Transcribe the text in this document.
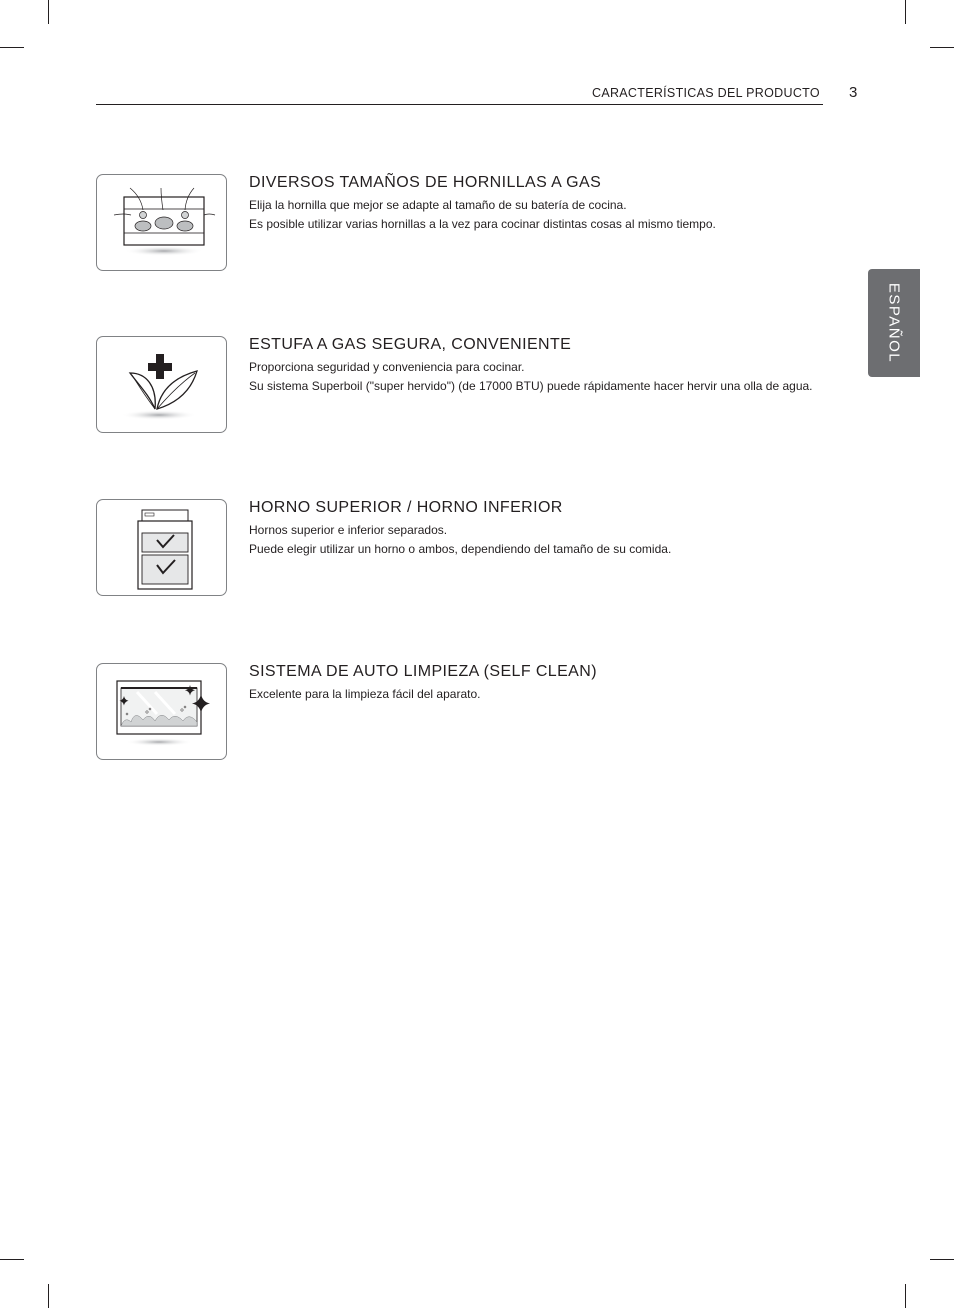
CARACTERÍSTICAS DEL PRODUCTO 3
ESPAÑOL
DIVERSOS TAMAÑOS DE HORNILLAS A GAS

Elija la hornilla que mejor se adapte al tamaño de su batería de cocina.

Es posible utilizar varias hornillas a la vez para cocinar distintas cosas al mismo tiempo.

ESTUFA A GAS SEGURA, CONVENIENTE

Proporciona seguridad y conveniencia para cocinar.

Su sistema Superboil ("super hervido") (de 17000 BTU) puede rápidamente hacer hervir una olla de agua.

HORNO SUPERIOR / HORNO INFERIOR

Hornos superior e inferior separados.

Puede elegir utilizar un horno o ambos, dependiendo del tamaño de su comida.

SISTEMA DE AUTO LIMPIEZA (SELF CLEAN)

Excelente para la limpieza fácil del aparato.
